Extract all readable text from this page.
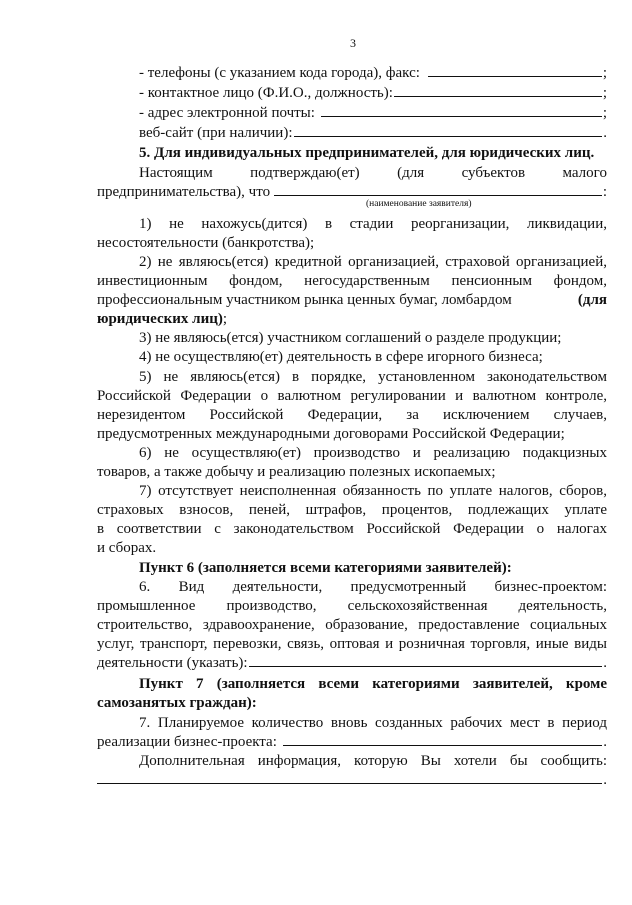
3
- телефоны (с указанием кода города), факс:	;
- контактное лицо (Ф.И.О., должность):	;
- адрес электронной почты:	;
веб-сайт (при наличии):	.
5. Для индивидуальных предпринимателей, для юридических лиц.
Настоящим подтверждаю(ет) (для субъектов малого
предпринимательства), что	:
(наименование заявителя)
1) не нахожусь(дится) в стадии реорганизации, ликвидации,
несостоятельности (банкротства);
2) не являюсь(ется) кредитной организацией, страховой организацией,
инвестиционным фондом, негосударственным пенсионным фондом,
профессиональным участником рынка ценных бумаг, ломбардом	(для
юридических лиц);
3) не являюсь(ется) участником соглашений о разделе продукции;
4) не осуществляю(ет) деятельность в сфере игорного бизнеса;
5) не являюсь(ется) в порядке, установленном законодательством
Российской Федерации о валютном регулировании и валютном контроле,
нерезидентом Российской Федерации, за исключением случаев,
предусмотренных международными договорами Российской Федерации;
6) не осуществляю(ет) производство и реализацию подакцизных
товаров, а также добычу и реализацию полезных ископаемых;
7) отсутствует неисполненная обязанность по уплате налогов, сборов,
страховых взносов, пеней, штрафов, процентов, подлежащих уплате
в соответствии с законодательством Российской Федерации о налогах
и сборах.
Пункт 6 (заполняется всеми категориями заявителей):
6. Вид деятельности, предусмотренный бизнес-проектом:
промышленное производство, сельскохозяйственная деятельность,
строительство, здравоохранение, образование, предоставление социальных
услуг, транспорт, перевозки, связь, оптовая и розничная торговля, иные виды
деятельности (указать):	.
Пункт 7 (заполняется всеми категориями заявителей, кроме
самозанятых граждан):
7. Планируемое количество вновь созданных рабочих мест в период
реализации бизнес-проекта:	.
Дополнительная информация, которую Вы хотели бы сообщить:
.
